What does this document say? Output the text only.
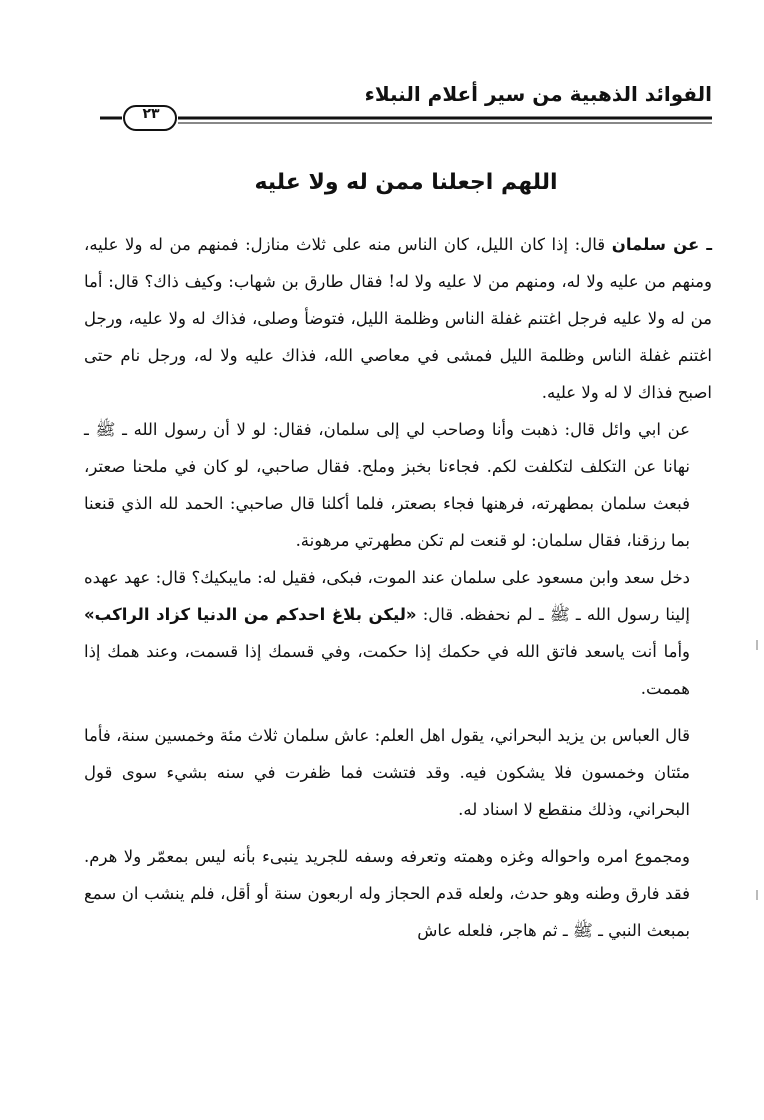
الفوائد الذهبية من سير أعلام النبلاء
٢٣
اللهم اجعلنا ممن له ولا عليه

ـ عن سلمان قال: إذا كان الليل، كان الناس منه على ثلاث منازل: فمنهم من له ولا عليه، ومنهم من عليه ولا له، ومنهم من لا عليه ولا له! فقال طارق بن شهاب: وكيف ذاك؟ قال: أما من له ولا عليه فرجل اغتنم غفلة الناس وظلمة الليل، فتوضأ وصلى، فذاك له ولا عليه، ورجل اغتنم غفلة الناس وظلمة الليل فمشى في معاصي الله، فذاك عليه ولا له، ورجل نام حتى اصبح فذاك لا له ولا عليه.

عن ابي وائل قال: ذهبت وأنا وصاحب لي إلى سلمان، فقال: لو لا أن رسول الله ـ ﷺ ـ نهانا عن التكلف لتكلفت لكم. فجاءنا بخبز وملح. فقال صاحبي، لو كان في ملحنا صعتر، فبعث سلمان بمطهرته، فرهنها فجاء بصعتر، فلما أكلنا قال صاحبي: الحمد لله الذي قنعنا بما رزقنا، فقال سلمان: لو قنعت لم تكن مطهرتي مرهونة.

دخل سعد وابن مسعود على سلمان عند الموت، فبكى، فقيل له: مايبكيك؟ قال: عهد عهده إلينا رسول الله ـ ﷺ ـ لم نحفظه. قال: «ليكن بلاغ احدكم من الدنيا كزاد الراكب» وأما أنت ياسعد فاتق الله في حكمك إذا حكمت، وفي قسمك إذا قسمت، وعند همك إذا هممت.

قال العباس بن يزيد البحراني، يقول اهل العلم: عاش سلمان ثلاث مئة وخمسين سنة، فأما مئتان وخمسون فلا يشكون فيه. وقد فتشت فما ظفرت في سنه بشيء سوى قول البحراني، وذلك منقطع لا اسناد له.

ومجموع امره واحواله وغزه وهمته وتعرفه وسفه للجريد ينبىء بأنه ليس بمعمّر ولا هرم. فقد فارق وطنه وهو حدث، ولعله قدم الحجاز وله اربعون سنة أو أقل، فلم ينشب ان سمع بمبعث النبي ـ ﷺ ـ ثم هاجر، فلعله عاش
